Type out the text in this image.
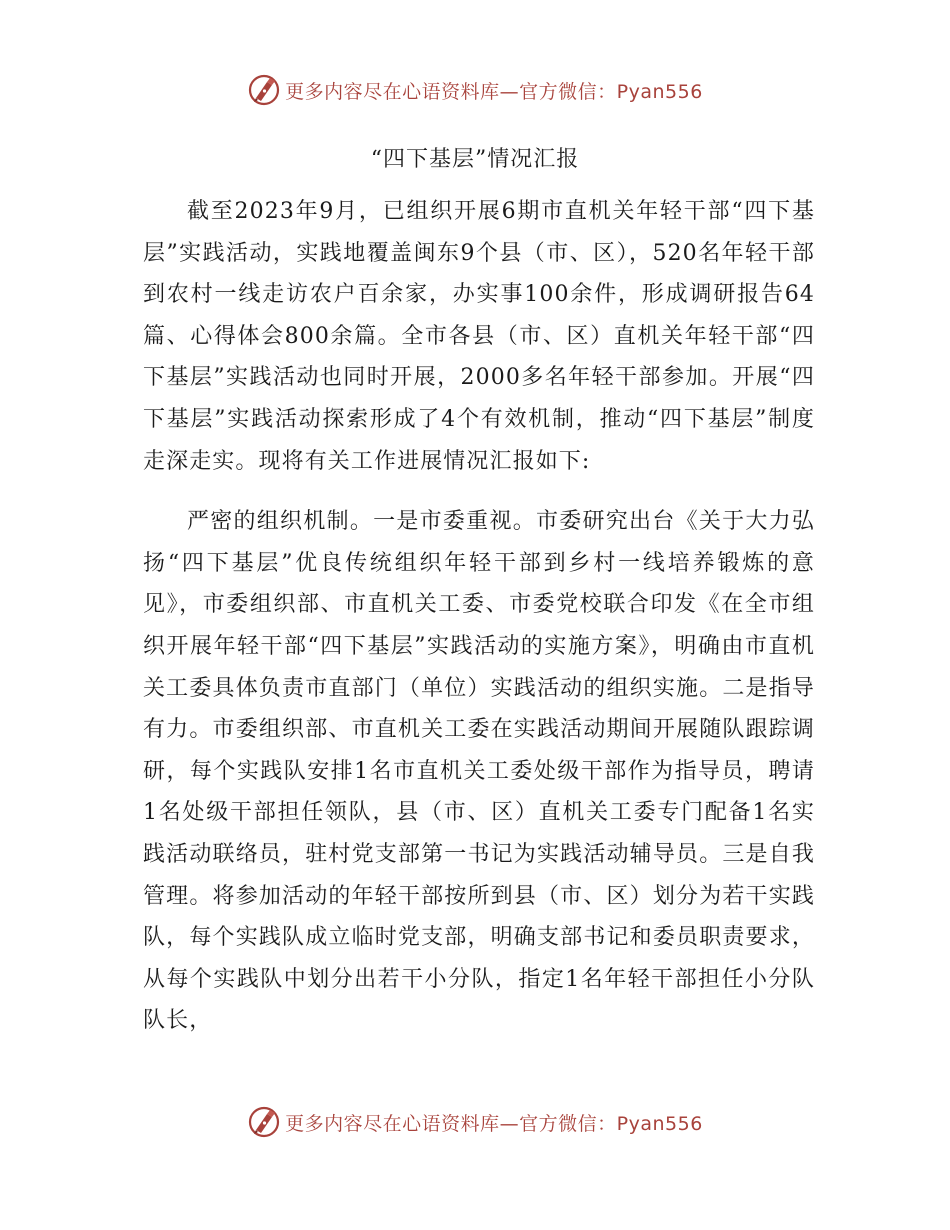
更多内容尽在心语资料库—官方微信：Pyan556
“四下基层”情况汇报

截至2023年9月，已组织开展6期市直机关年轻干部“四下基层”实践活动，实践地覆盖闽东9个县（市、区），520名年轻干部到农村一线走访农户百余家，办实事100余件，形成调研报告64篇、心得体会800余篇。全市各县（市、区）直机关年轻干部“四下基层”实践活动也同时开展，2000多名年轻干部参加。开展“四下基层”实践活动探索形成了4个有效机制，推动“四下基层”制度走深走实。现将有关工作进展情况汇报如下:

严密的组织机制。一是市委重视。市委研究出台《关于大力弘扬“四下基层”优良传统组织年轻干部到乡村一线培养锻炼的意见》，市委组织部、市直机关工委、市委党校联合印发《在全市组织开展年轻干部“四下基层”实践活动的实施方案》，明确由市直机关工委具体负责市直部门（单位）实践活动的组织实施。二是指导有力。市委组织部、市直机关工委在实践活动期间开展随队跟踪调研，每个实践队安排1名市直机关工委处级干部作为指导员，聘请1名处级干部担任领队，县（市、区）直机关工委专门配备1名实践活动联络员，驻村党支部第一书记为实践活动辅导员。三是自我管理。将参加活动的年轻干部按所到县（市、区）划分为若干实践队，每个实践队成立临时党支部，明确支部书记和委员职责要求，从每个实践队中划分出若干小分队，指定1名年轻干部担任小分队队长，

更多内容尽在心语资料库—官方微信：Pyan556
